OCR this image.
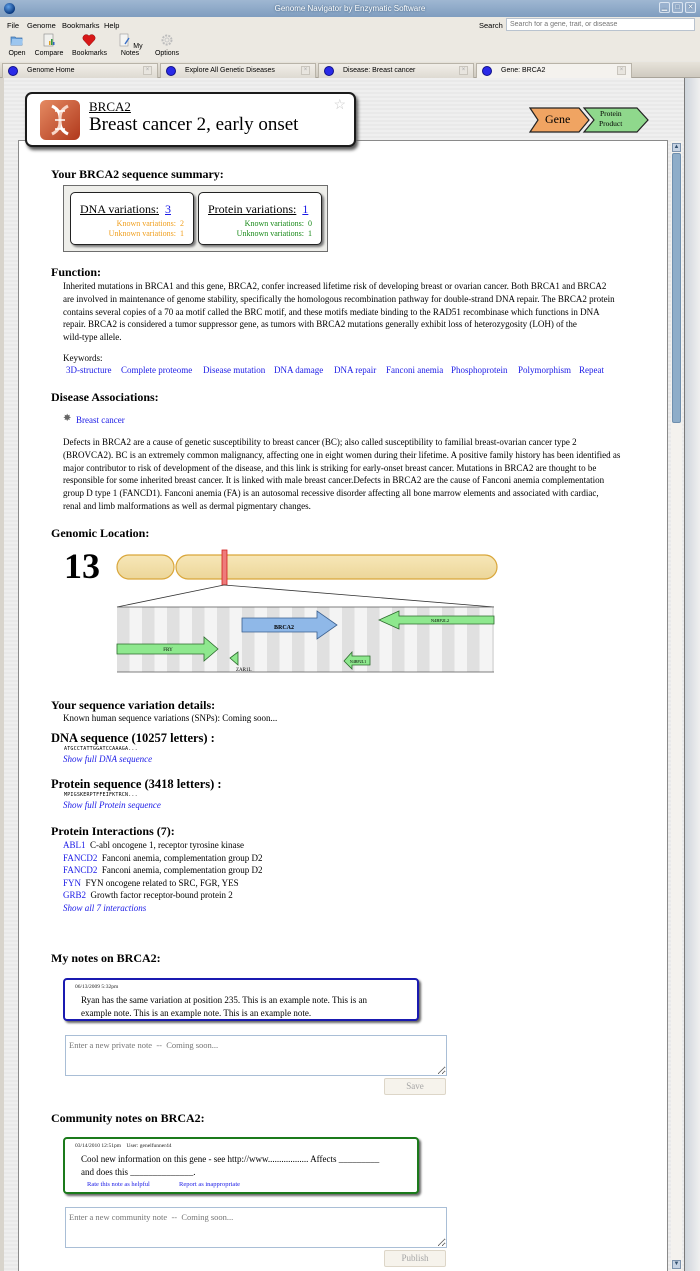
Genome Navigator by Enzymatic Software	▁	□	✕
File Genome Bookmarks Help	Search
Search for a gene, trait, or disease
Open	Compare Bookmarks
My Notes	Options
Genome Home	×	Explore All Genetic Diseases	×	Disease: Breast cancer	×	Gene: BRCA2	×
▲
▼
BRCA2
Breast cancer 2, early onset
☆
Gene	Protein
Product
Your BRCA2 sequence summary:
DNA variations: 3
Known variations: 2
Unknown variations: 1
Protein variations: 1
Known variations: 0
Unknown variations: 1
Function:
Inherited mutations in BRCA1 and this gene, BRCA2, confer increased lifetime risk of developing breast or ovarian cancer. Both BRCA1 and BRCA2
are involved in maintenance of genome stability, specifically the homologous recombination pathway for double-strand DNA repair. The BRCA2 protein
contains several copies of a 70 aa motif called the BRC motif, and these motifs mediate binding to the RAD51 recombinase which functions in DNA
repair. BRCA2 is considered a tumor suppressor gene, as tumors with BRCA2 mutations generally exhibit loss of heterozygosity (LOH) of the
wild-type allele.
Keywords:
3D-structure Complete proteome Disease mutation DNA damage DNA repair Fanconi anemia Phosphoprotein Polymorphism Repeat
Disease Associations:
✸ Breast cancer
Defects in BRCA2 are a cause of genetic susceptibility to breast cancer (BC); also called susceptibility to familial breast-ovarian cancer type 2
(BROVCA2). BC is an extremely common malignancy, affecting one in eight women during their lifetime. A positive family history has been identified as
major contributor to risk of development of the disease, and this link is striking for early-onset breast cancer. Mutations in BRCA2 are thought to be
responsible for some inherited breast cancer. It is linked with male breast cancer.Defects in BRCA2 are the cause of Fanconi anemia complementation
group D type 1 (FANCD1). Fanconi anemia (FA) is an autosomal recessive disorder affecting all bone marrow elements and associated with cardiac,
renal and limb malformations as well as dermal pigmentary changes.
Genomic Location:
13
BRCA2
N4BP2L2
FRY
ZAR1L
N4BP2L1
Your sequence variation details:
Known human sequence variations (SNPs): Coming soon...
DNA sequence (10257 letters) :
ATGCCTATTGGATCCAAAGA...
Show full DNA sequence
Protein sequence (3418 letters) :
MPIGSKERPTFFEIFKTRCN...
Show full Protein sequence
Protein Interactions (7):
ABL1 C-abl oncogene 1, receptor tyrosine kinase
FANCD2 Fanconi anemia, complementation group D2
FANCD2 Fanconi anemia, complementation group D2
FYN FYN oncogene related to SRC, FGR, YES
GRB2 Growth factor receptor-bound protein 2
Show all 7 interactions
My notes on BRCA2:
06/13/2009 5:32pm
Ryan has the same variation at position 235. This is an example note. This is an
example note. This is an example note. This is an example note.
Enter a new private note -- Coming soon...
Save
Community notes on BRCA2:
03/14/2010 12:51pm User: genelfunner44
Cool new information on this gene - see http://www.................. Affects _________
and does this ______________.
Rate this note as helpful	Report as inappropriate
Enter a new community note -- Coming soon...
Publish
